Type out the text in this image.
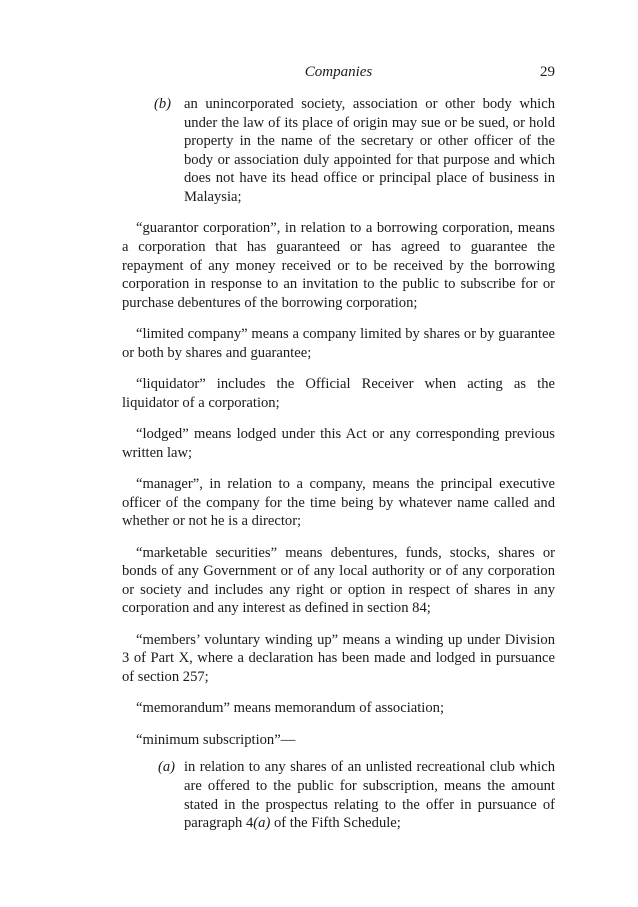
Companies	29
(b) an unincorporated society, association or other body which under the law of its place of origin may sue or be sued, or hold property in the name of the secretary or other officer of the body or association duly appointed for that purpose and which does not have its head office or principal place of business in Malaysia;

“guarantor corporation”, in relation to a borrowing corporation, means a corporation that has guaranteed or has agreed to guarantee the repayment of any money received or to be received by the borrowing corporation in response to an invitation to the public to subscribe for or purchase debentures of the borrowing corporation;

“limited company” means a company limited by shares or by guarantee or both by shares and guarantee;

“liquidator” includes the Official Receiver when acting as the liquidator of a corporation;

“lodged” means lodged under this Act or any corresponding previous written law;

“manager”, in relation to a company, means the principal executive officer of the company for the time being by whatever name called and whether or not he is a director;

“marketable securities” means debentures, funds, stocks, shares or bonds of any Government or of any local authority or of any corporation or society and includes any right or option in respect of shares in any corporation and any interest as defined in section 84;

“members’ voluntary winding up” means a winding up under Division 3 of Part X, where a declaration has been made and lodged in pursuance of section 257;

“memorandum” means memorandum of association;

“minimum subscription”—

(a) in relation to any shares of an unlisted recreational club which are offered to the public for subscription, means the amount stated in the prospectus relating to the offer in pursuance of paragraph 4(a) of the Fifth Schedule;
